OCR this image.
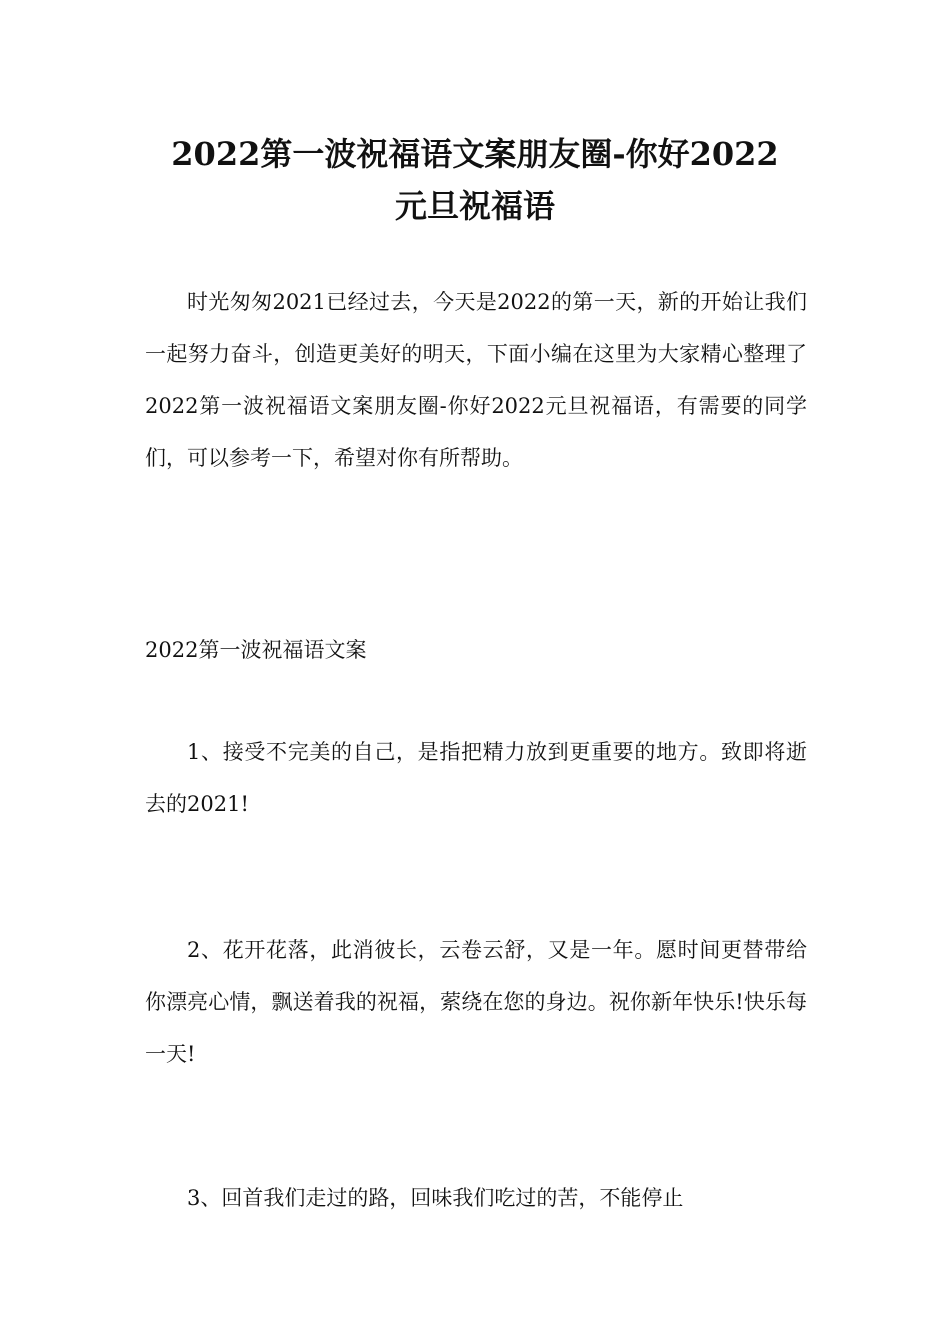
2022第一波祝福语文案朋友圈-你好2022
元旦祝福语

时光匆匆2021已经过去，今天是2022的第一天，新的开始让我们一起努力奋斗，创造更美好的明天，下面小编在这里为大家精心整理了2022第一波祝福语文案朋友圈-你好2022元旦祝福语，有需要的同学们，可以参考一下，希望对你有所帮助。

2022第一波祝福语文案

1、接受不完美的自己，是指把精力放到更重要的地方。致即将逝去的2021!

2、花开花落，此消彼长，云卷云舒，又是一年。愿时间更替带给你漂亮心情，飘送着我的祝福，萦绕在您的身边。祝你新年快乐!快乐每一天!

3、回首我们走过的路，回味我们吃过的苦，不能停止
